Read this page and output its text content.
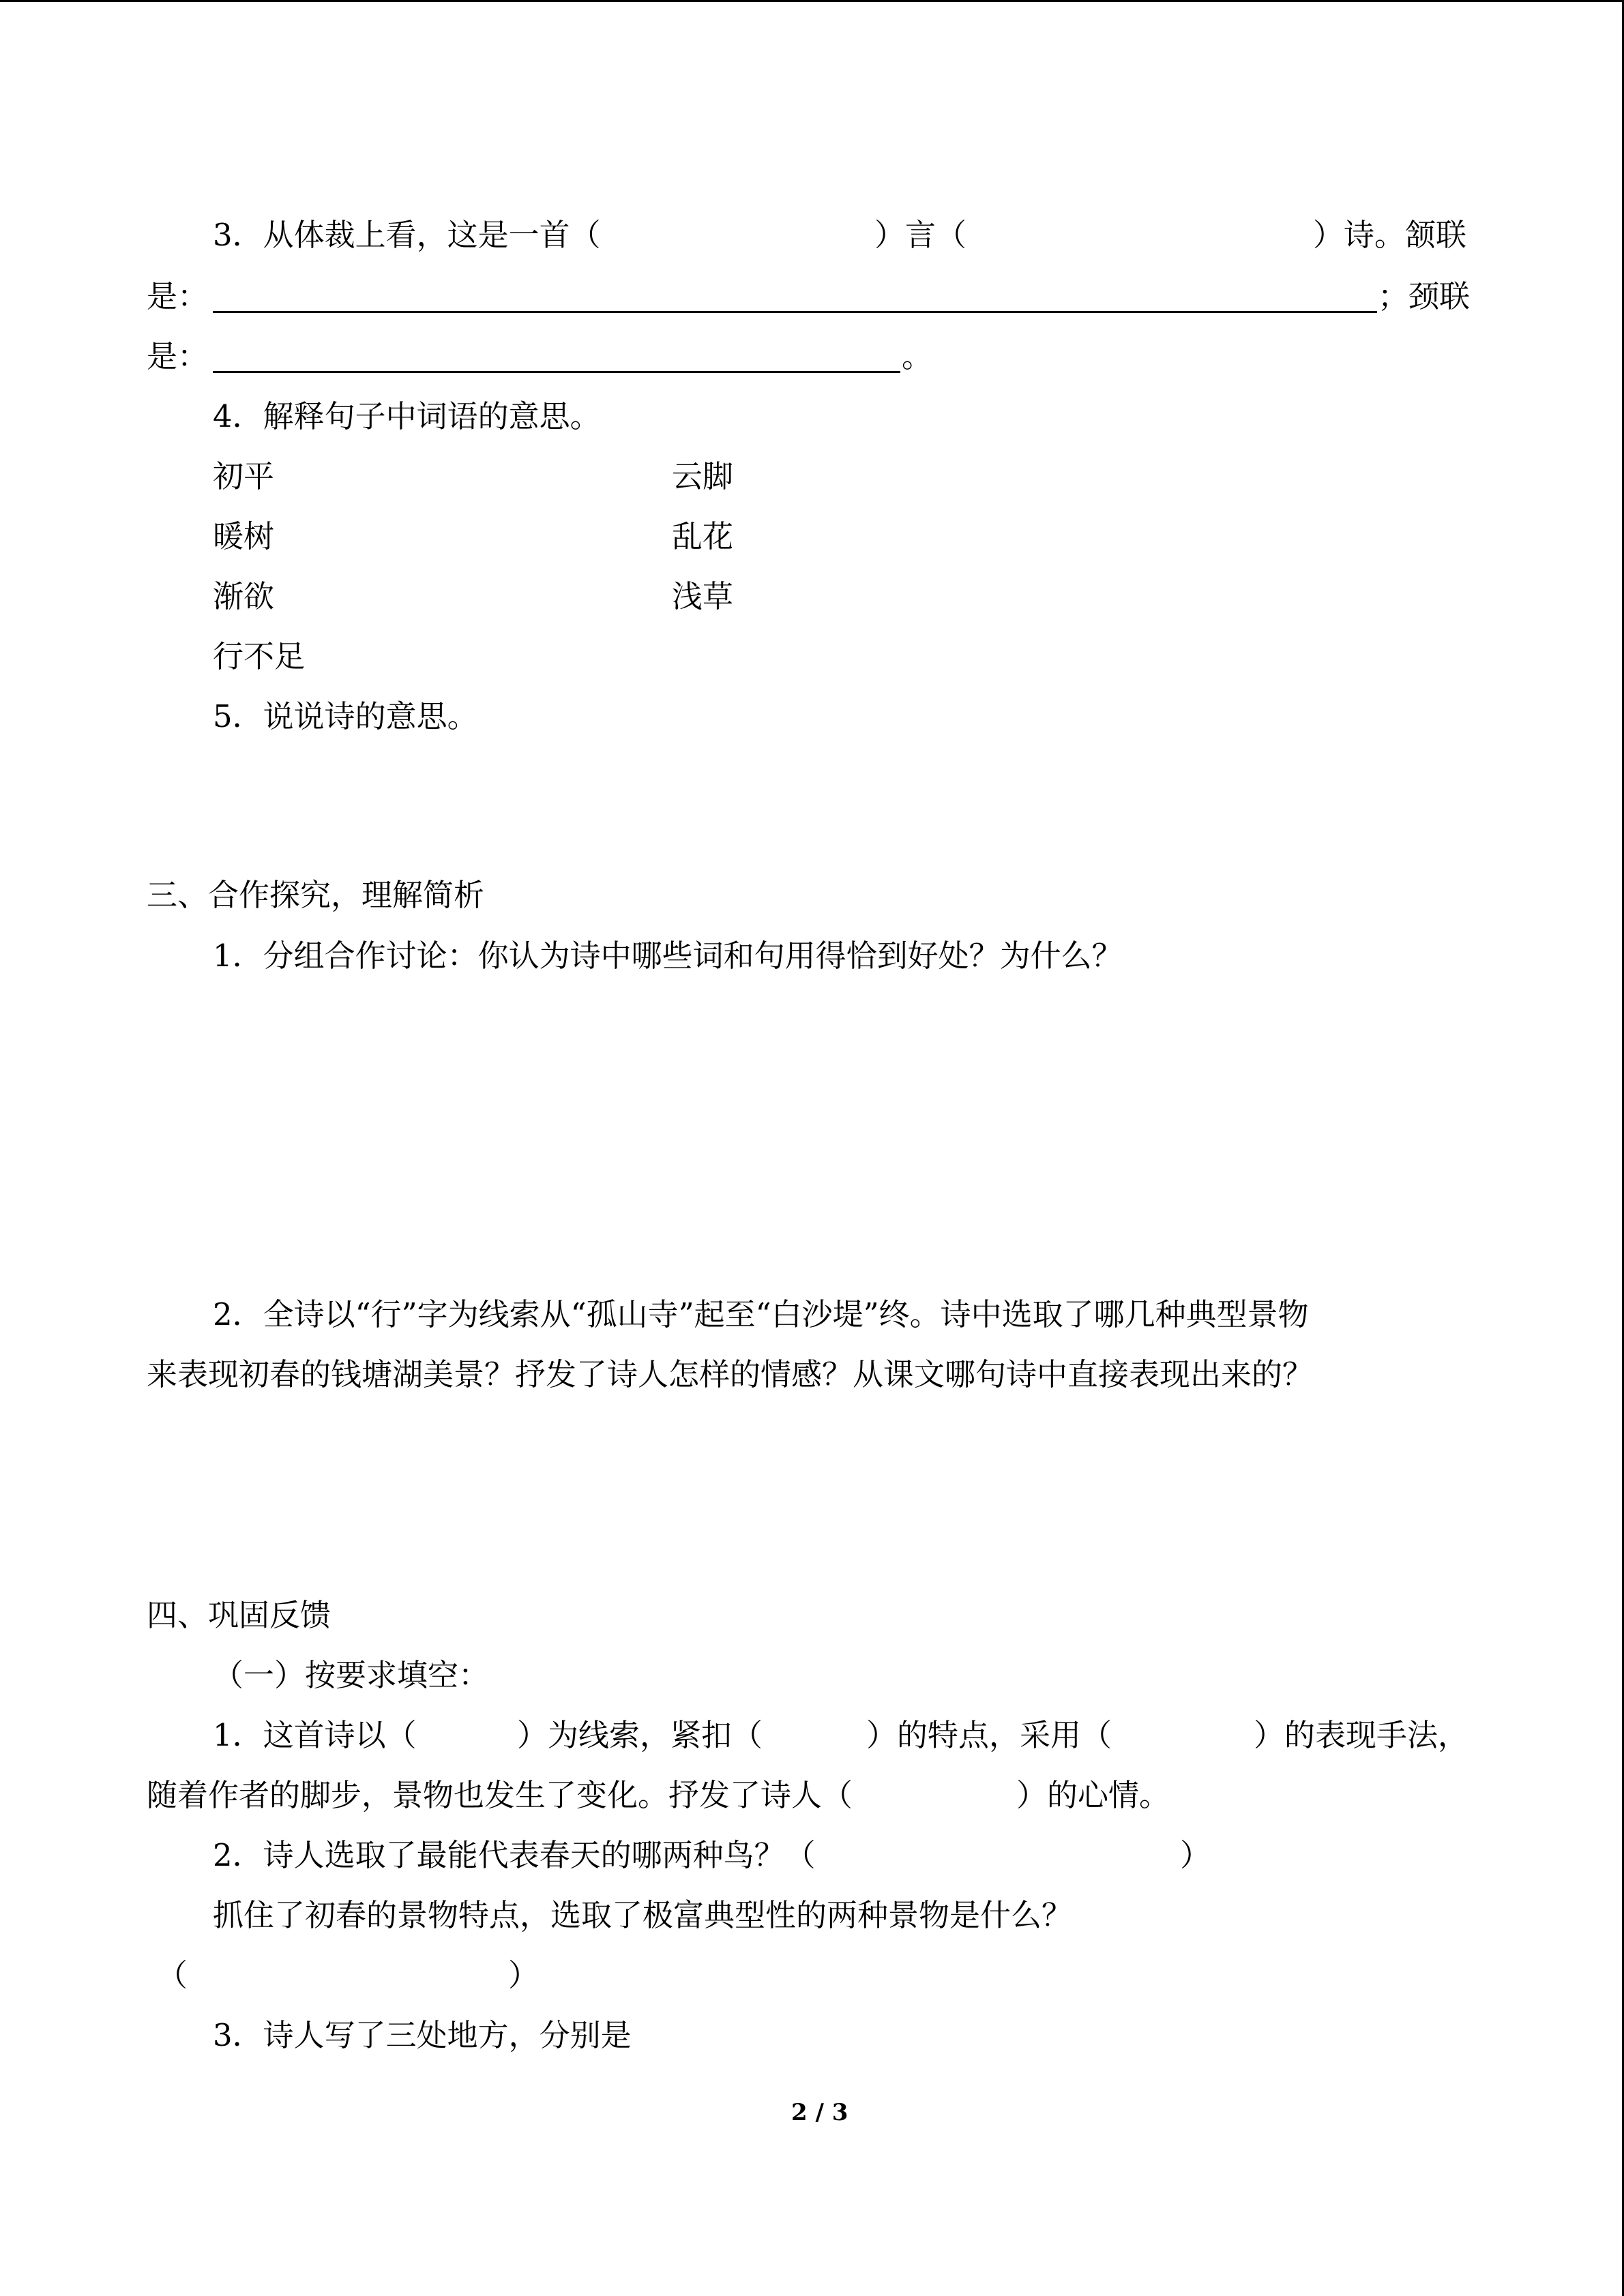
3．从体裁上看，这是一首（	）言（	）诗。颔联
是：	；颈联
是：	。
4．解释句子中词语的意思。
初平	云脚
暖树	乱花
渐欲	浅草
行不足
5．说说诗的意思。
三、合作探究，理解简析
1．分组合作讨论：你认为诗中哪些词和句用得恰到好处？为什么？
2．全诗以“行”字为线索从“孤山寺”起至“白沙堤”终。诗中选取了哪几种典型景物
来表现初春的钱塘湖美景？抒发了诗人怎样的情感？从课文哪句诗中直接表现出来的？
四、巩固反馈
（一）按要求填空：
1．这首诗以（	）为线索，紧扣（	）的特点，采用（	）的表现手法，
随着作者的脚步，景物也发生了变化。抒发了诗人（	）的心情。
2．诗人选取了最能代表春天的哪两种鸟？（	）
抓住了初春的景物特点，选取了极富典型性的两种景物是什么？
（	）
3．诗人写了三处地方，分别是
2 / 3
